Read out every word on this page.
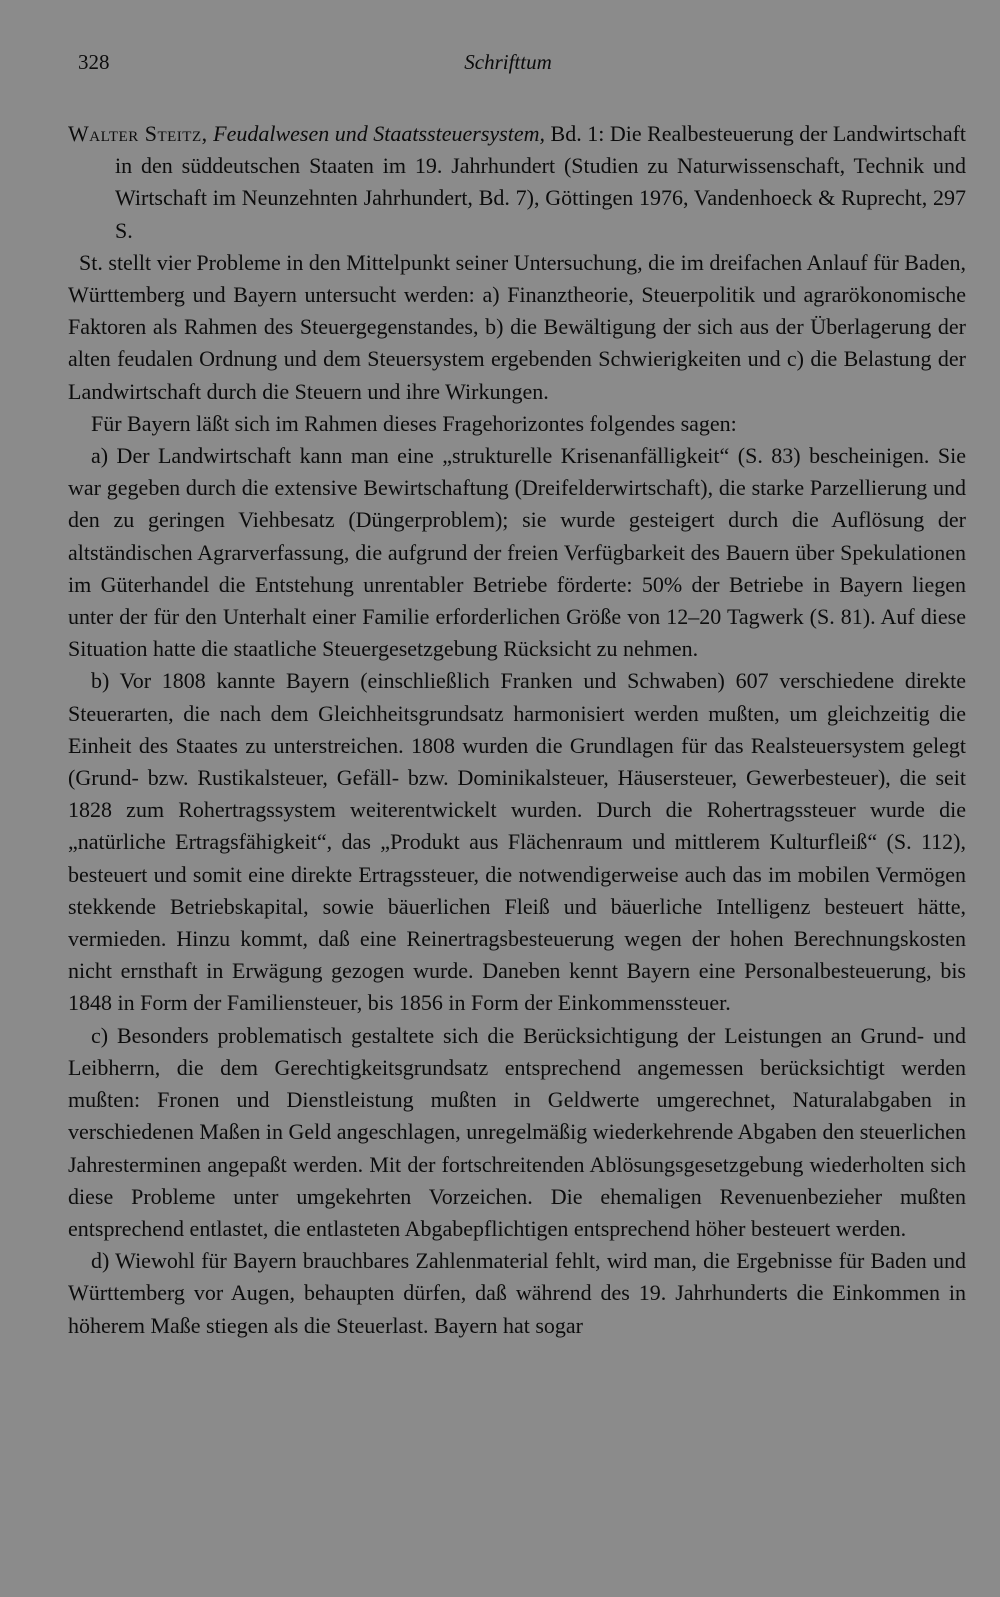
328	Schrifttum

Walter Steitz, Feudalwesen und Staatssteuersystem, Bd. 1: Die Realbesteuerung der Landwirtschaft in den süddeutschen Staaten im 19. Jahrhundert (Studien zu Naturwissenschaft, Technik und Wirtschaft im Neunzehnten Jahrhundert, Bd. 7), Göttingen 1976, Vandenhoeck & Ruprecht, 297 S.

St. stellt vier Probleme in den Mittelpunkt seiner Untersuchung, die im dreifachen Anlauf für Baden, Württemberg und Bayern untersucht werden: a) Finanztheorie, Steuerpolitik und agrarökonomische Faktoren als Rahmen des Steuergegenstandes, b) die Bewältigung der sich aus der Überlagerung der alten feudalen Ordnung und dem Steuersystem ergebenden Schwierigkeiten und c) die Belastung der Landwirtschaft durch die Steuern und ihre Wirkungen.

Für Bayern läßt sich im Rahmen dieses Fragehorizontes folgendes sagen:

a) Der Landwirtschaft kann man eine „strukturelle Krisenanfälligkeit“ (S. 83) bescheinigen. Sie war gegeben durch die extensive Bewirtschaftung (Dreifelderwirtschaft), die starke Parzellierung und den zu geringen Viehbesatz (Düngerproblem); sie wurde gesteigert durch die Auflösung der altständischen Agrarverfassung, die aufgrund der freien Verfügbarkeit des Bauern über Spekulationen im Güterhandel die Entstehung unrentabler Betriebe förderte: 50% der Betriebe in Bayern liegen unter der für den Unterhalt einer Familie erforderlichen Größe von 12–20 Tagwerk (S. 81). Auf diese Situation hatte die staatliche Steuergesetzgebung Rücksicht zu nehmen.

b) Vor 1808 kannte Bayern (einschließlich Franken und Schwaben) 607 verschiedene direkte Steuerarten, die nach dem Gleichheitsgrundsatz harmonisiert werden mußten, um gleichzeitig die Einheit des Staates zu unterstreichen. 1808 wurden die Grundlagen für das Realsteuersystem gelegt (Grund- bzw. Rustikalsteuer, Gefäll- bzw. Dominikalsteuer, Häusersteuer, Gewerbesteuer), die seit 1828 zum Rohertragssystem weiterentwickelt wurden. Durch die Rohertragssteuer wurde die „natürliche Ertragsfähigkeit“, das „Produkt aus Flächenraum und mittlerem Kulturfleiß“ (S. 112), besteuert und somit eine direkte Ertragssteuer, die notwendigerweise auch das im mobilen Vermögen stekkende Betriebskapital, sowie bäuerlichen Fleiß und bäuerliche Intelligenz besteuert hätte, vermieden. Hinzu kommt, daß eine Reinertragsbesteuerung wegen der hohen Berechnungskosten nicht ernsthaft in Erwägung gezogen wurde. Daneben kennt Bayern eine Personalbesteuerung, bis 1848 in Form der Familiensteuer, bis 1856 in Form der Einkommenssteuer.

c) Besonders problematisch gestaltete sich die Berücksichtigung der Leistungen an Grund- und Leibherrn, die dem Gerechtigkeitsgrundsatz entsprechend angemessen berücksichtigt werden mußten: Fronen und Dienstleistung mußten in Geldwerte umgerechnet, Naturalabgaben in verschiedenen Maßen in Geld angeschlagen, unregelmäßig wiederkehrende Abgaben den steuerlichen Jahresterminen angepaßt werden. Mit der fortschreitenden Ablösungsgesetzgebung wiederholten sich diese Probleme unter umgekehrten Vorzeichen. Die ehemaligen Revenuenbezieher mußten entsprechend entlastet, die entlasteten Abgabepflichtigen entsprechend höher besteuert werden.

d) Wiewohl für Bayern brauchbares Zahlenmaterial fehlt, wird man, die Ergebnisse für Baden und Württemberg vor Augen, behaupten dürfen, daß während des 19. Jahrhunderts die Einkommen in höherem Maße stiegen als die Steuerlast. Bayern hat sogar
